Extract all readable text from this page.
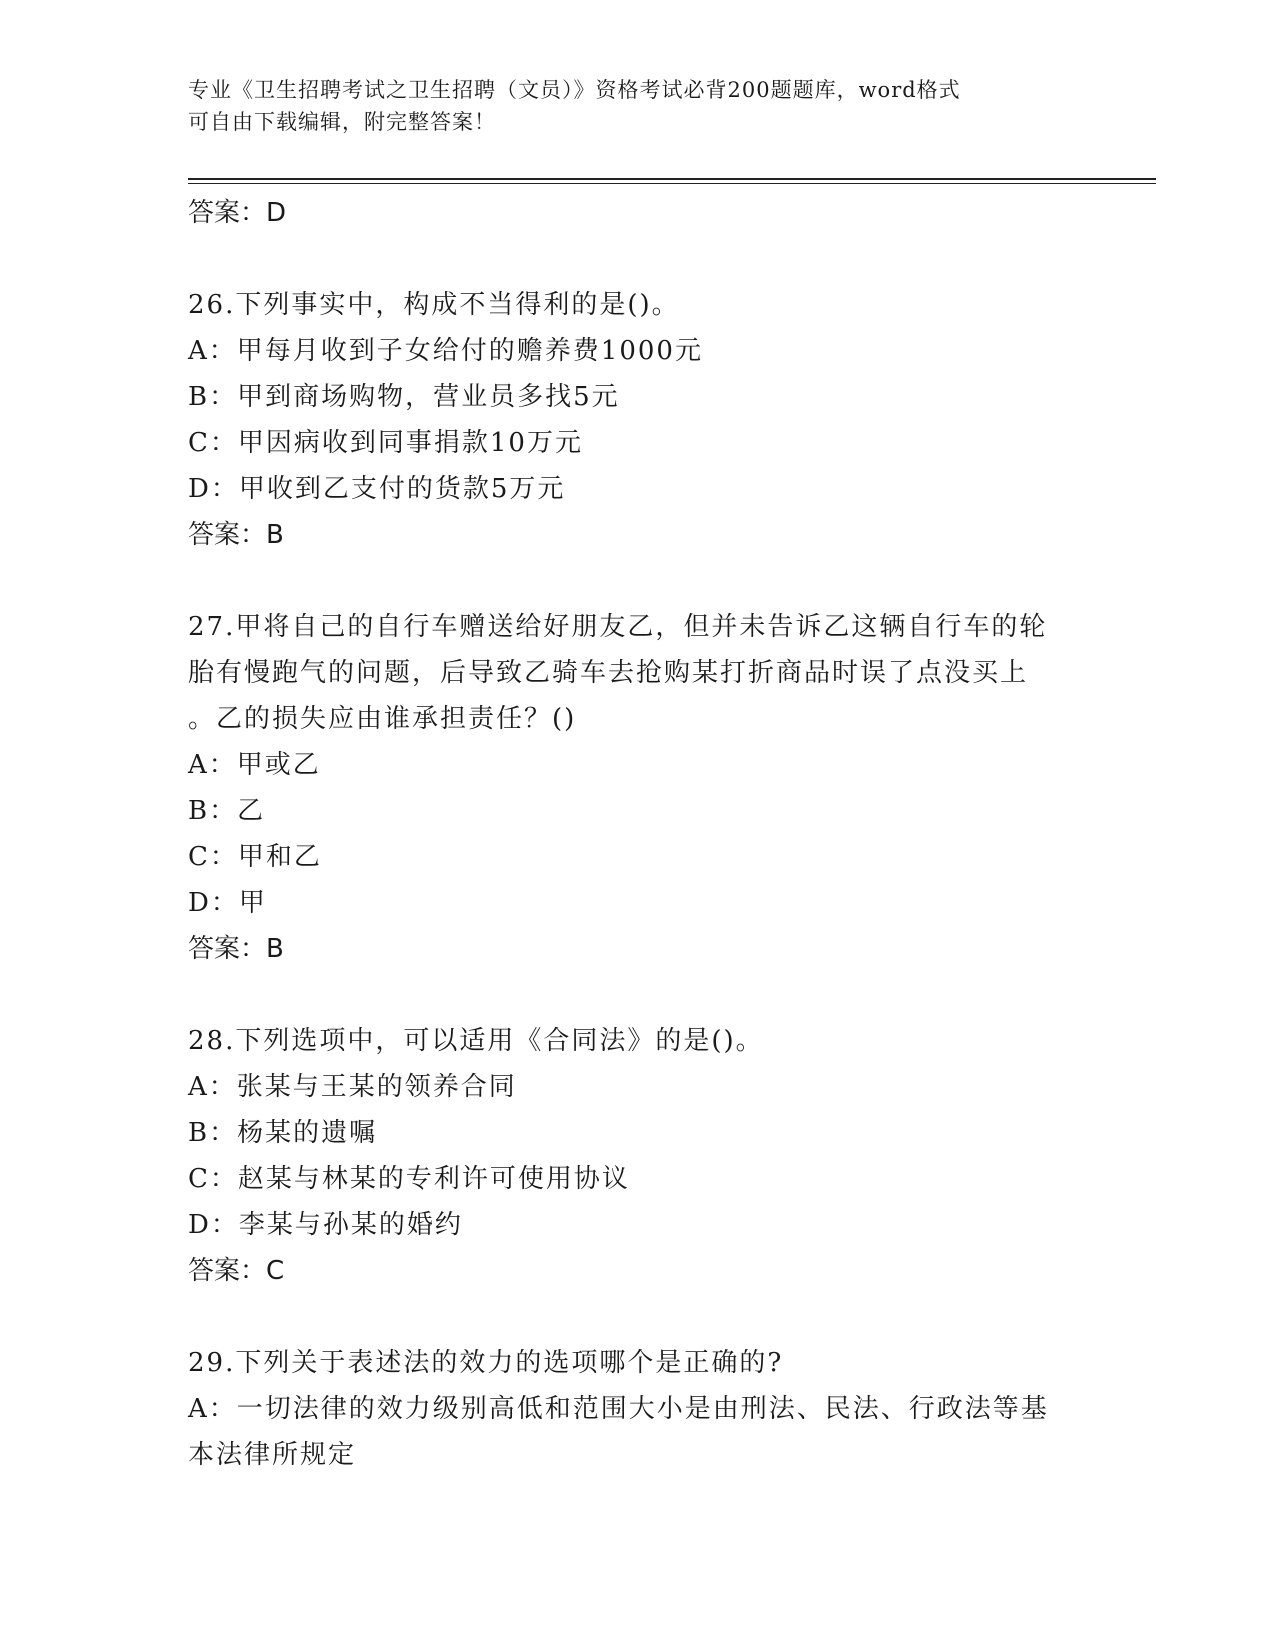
专业《卫生招聘考试之卫生招聘（文员）》资格考试必背200题题库，word格式
可自由下载编辑，附完整答案！

答案：D

26.下列事实中，构成不当得利的是()。

A：甲每月收到子女给付的赡养费1000元

B：甲到商场购物，营业员多找5元

C：甲因病收到同事捐款10万元

D：甲收到乙支付的货款5万元

答案：B

27.甲将自己的自行车赠送给好朋友乙，但并未告诉乙这辆自行车的轮

胎有慢跑气的问题，后导致乙骑车去抢购某打折商品时误了点没买上

。乙的损失应由谁承担责任？()

A：甲或乙

B：乙

C：甲和乙

D：甲

答案：B

28.下列选项中，可以适用《合同法》的是()。

A：张某与王某的领养合同

B：杨某的遗嘱

C：赵某与林某的专利许可使用协议

D：李某与孙某的婚约

答案：C

29.下列关于表述法的效力的选项哪个是正确的?

A：一切法律的效力级别高低和范围大小是由刑法、民法、行政法等基

本法律所规定
